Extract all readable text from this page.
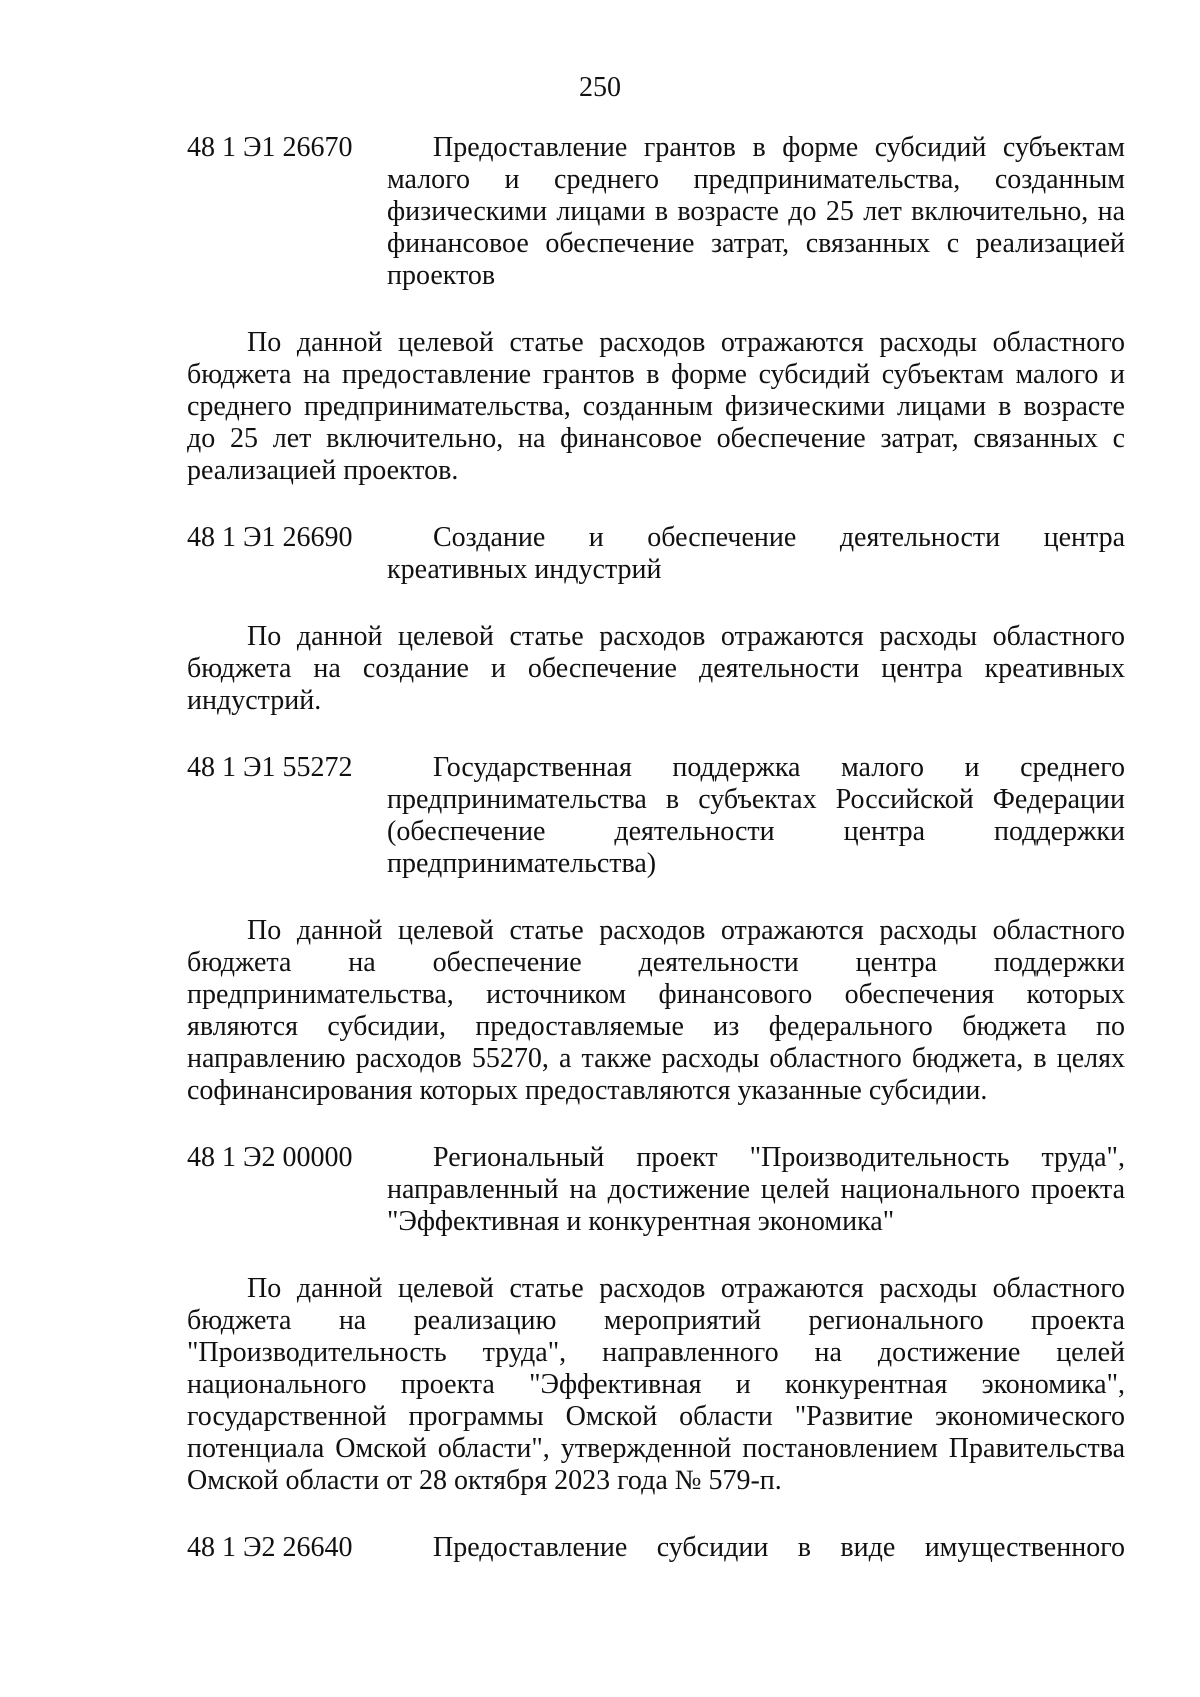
250
48 1 Э1 26670	Предоставление грантов в форме субсидий субъектам малого и среднего предпринимательства, созданным физическими лицами в возрасте до 25 лет включительно, на финансовое обеспечение затрат, связанных с реализацией проектов
По данной целевой статье расходов отражаются расходы областного бюджета на предоставление грантов в форме субсидий субъектам малого и среднего предпринимательства, созданным физическими лицами в возрасте до 25 лет включительно, на финансовое обеспечение затрат, связанных с реализацией проектов.
48 1 Э1 26690	Создание и обеспечение деятельности центра креативных индустрий
По данной целевой статье расходов отражаются расходы областного бюджета на создание и обеспечение деятельности центра креативных индустрий.
48 1 Э1 55272	Государственная поддержка малого и среднего предпринимательства в субъектах Российской Федерации (обеспечение деятельности центра поддержки предпринимательства)
По данной целевой статье расходов отражаются расходы областного бюджета на обеспечение деятельности центра поддержки предпринимательства, источником финансового обеспечения которых являются субсидии, предоставляемые из федерального бюджета по направлению расходов 55270, а также расходы областного бюджета, в целях софинансирования которых предоставляются указанные субсидии.
48 1 Э2 00000	Региональный проект "Производительность труда", направленный на достижение целей национального проекта "Эффективная и конкурентная экономика"
По данной целевой статье расходов отражаются расходы областного бюджета на реализацию мероприятий регионального проекта "Производительность труда", направленного на достижение целей национального проекта "Эффективная и конкурентная экономика", государственной программы Омской области "Развитие экономического потенциала Омской области", утвержденной постановлением Правительства Омской области от 28 октября 2023 года № 579-п.
48 1 Э2 26640	Предоставление субсидии в виде имущественного
